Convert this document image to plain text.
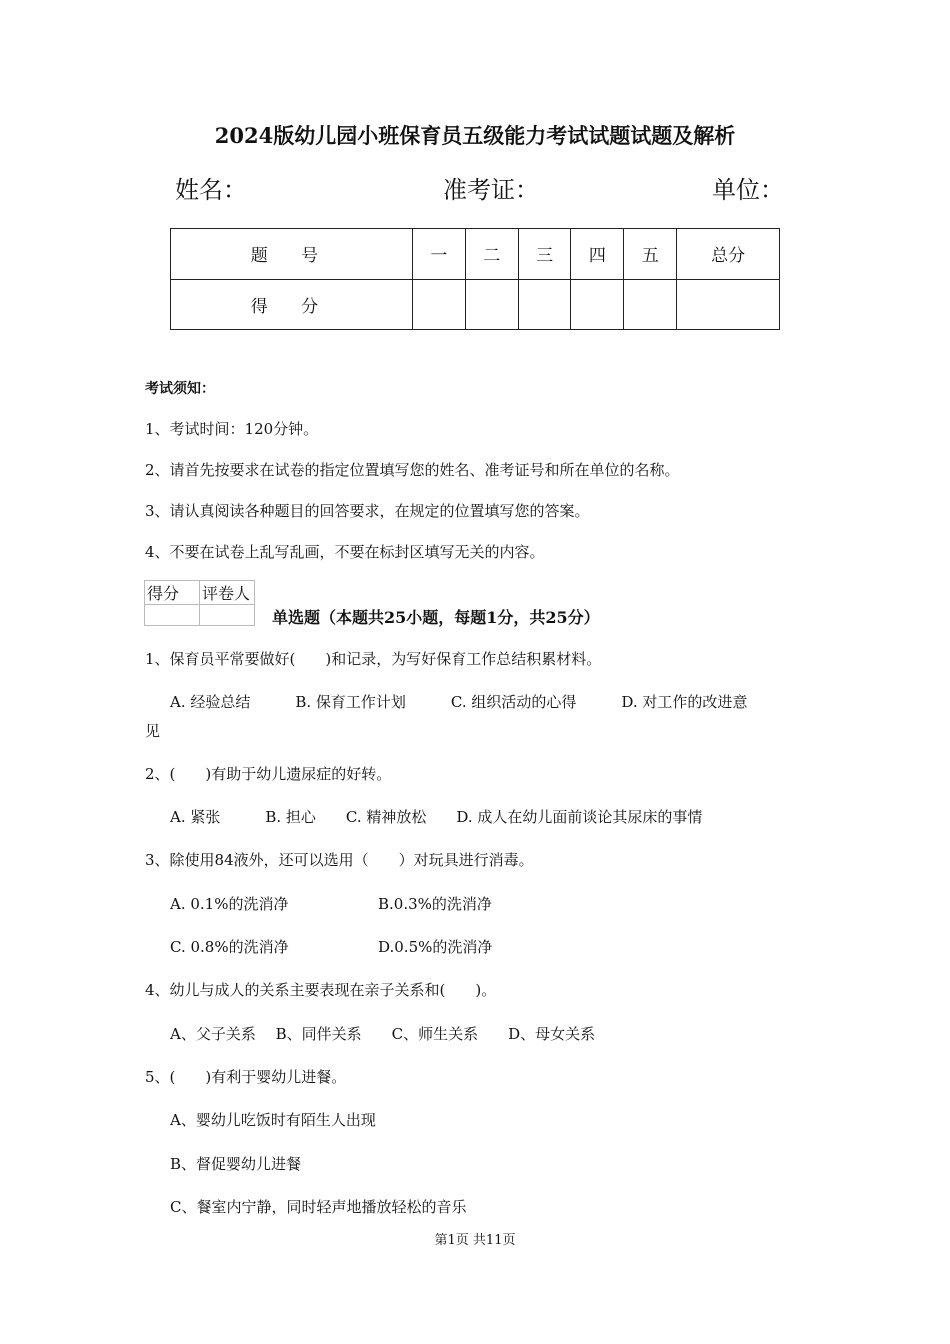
2024版幼儿园小班保育员五级能力考试试题试题及解析
姓名：	准考证：	单位：
题 号	一	二	三	四	五	总分
得 分						
考试须知：
1、考试时间：120分钟。
2、请首先按要求在试卷的指定位置填写您的姓名、准考证号和所在单位的名称。
3、请认真阅读各种题目的回答要求，在规定的位置填写您的答案。
4、不要在试卷上乱写乱画，不要在标封区填写无关的内容。
得分	评卷人

单选题（本题共25小题，每题1分，共25分）
1、保育员平常要做好(　　)和记录，为写好保育工作总结积累材料。
A. 经验总结　　　B. 保育工作计划　　　C. 组织活动的心得　　　D. 对工作的改进意
见
2、(　　)有助于幼儿遗尿症的好转。
A. 紧张　　　B. 担心　　C. 精神放松　　D. 成人在幼儿面前谈论其尿床的事情
3、除使用84液外，还可以选用（　　）对玩具进行消毒。
A. 0.1%的洗消净	B.0.3%的洗消净
C. 0.8%的洗消净	D.0.5%的洗消净
4、幼儿与成人的关系主要表现在亲子关系和(　　)。
A、父子关系　 B、同伴关系　　C、师生关系　　D、母女关系
5、(　　)有利于婴幼儿进餐。
A、婴幼儿吃饭时有陌生人出现
B、督促婴幼儿进餐
C、餐室内宁静，同时轻声地播放轻松的音乐
第1页 共11页
